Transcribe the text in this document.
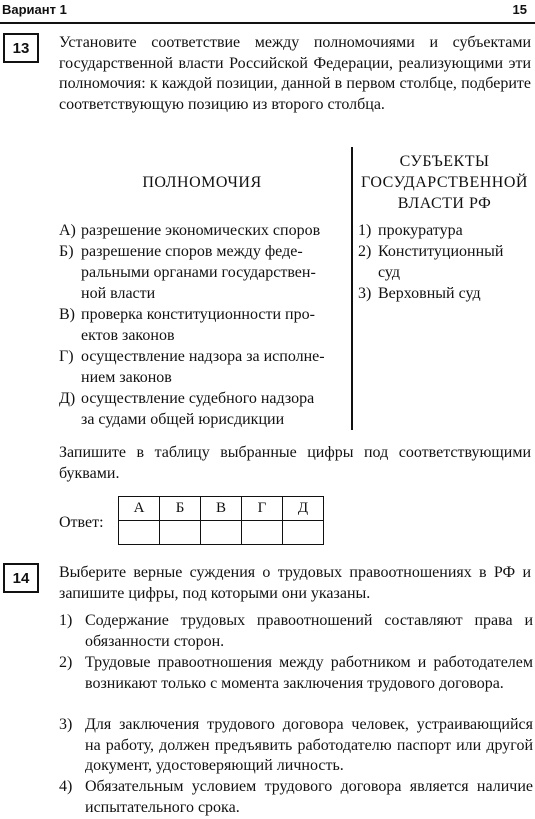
Вариант 1	15
13	Установите соответствие между полномочиями и субъектами государственной власти Российской Федерации, реализующими эти полномочия: к каждой позиции, данной в первом столбце, подберите соответствующую позицию из второго столбца.
ПОЛНОМОЧИЯ
СУБЪЕКТЫ
ГОСУДАРСТВЕННОЙ
ВЛАСТИ РФ
А) разрешение экономических споров
Б) разрешение споров между феде-
ральными органами государствен-
ной власти
В) проверка конституционности про-
ектов законов
Г) осуществление надзора за исполне-
нием законов
Д) осуществление судебного надзора
за судами общей юрисдикции
1) прокуратура
2) Конституционный
суд
3) Верховный суд
Запишите в таблицу выбранные цифры под соответствующими буквами.
Ответ:
А	Б	В	Г	Д

14	Выберите верные суждения о трудовых правоотношениях в РФ и запишите цифры, под которыми они указаны.
1) Содержание трудовых правоотношений составляют права и обязанности сторон.
2) Трудовые правоотношения между работником и работодателем возникают только с момента заключения трудового договора.
3) Для заключения трудового договора человек, устраивающийся на работу, должен предъявить работодателю паспорт или другой документ, удостоверяющий личность.
4) Обязательным условием трудового договора является наличие испытательного срока.
